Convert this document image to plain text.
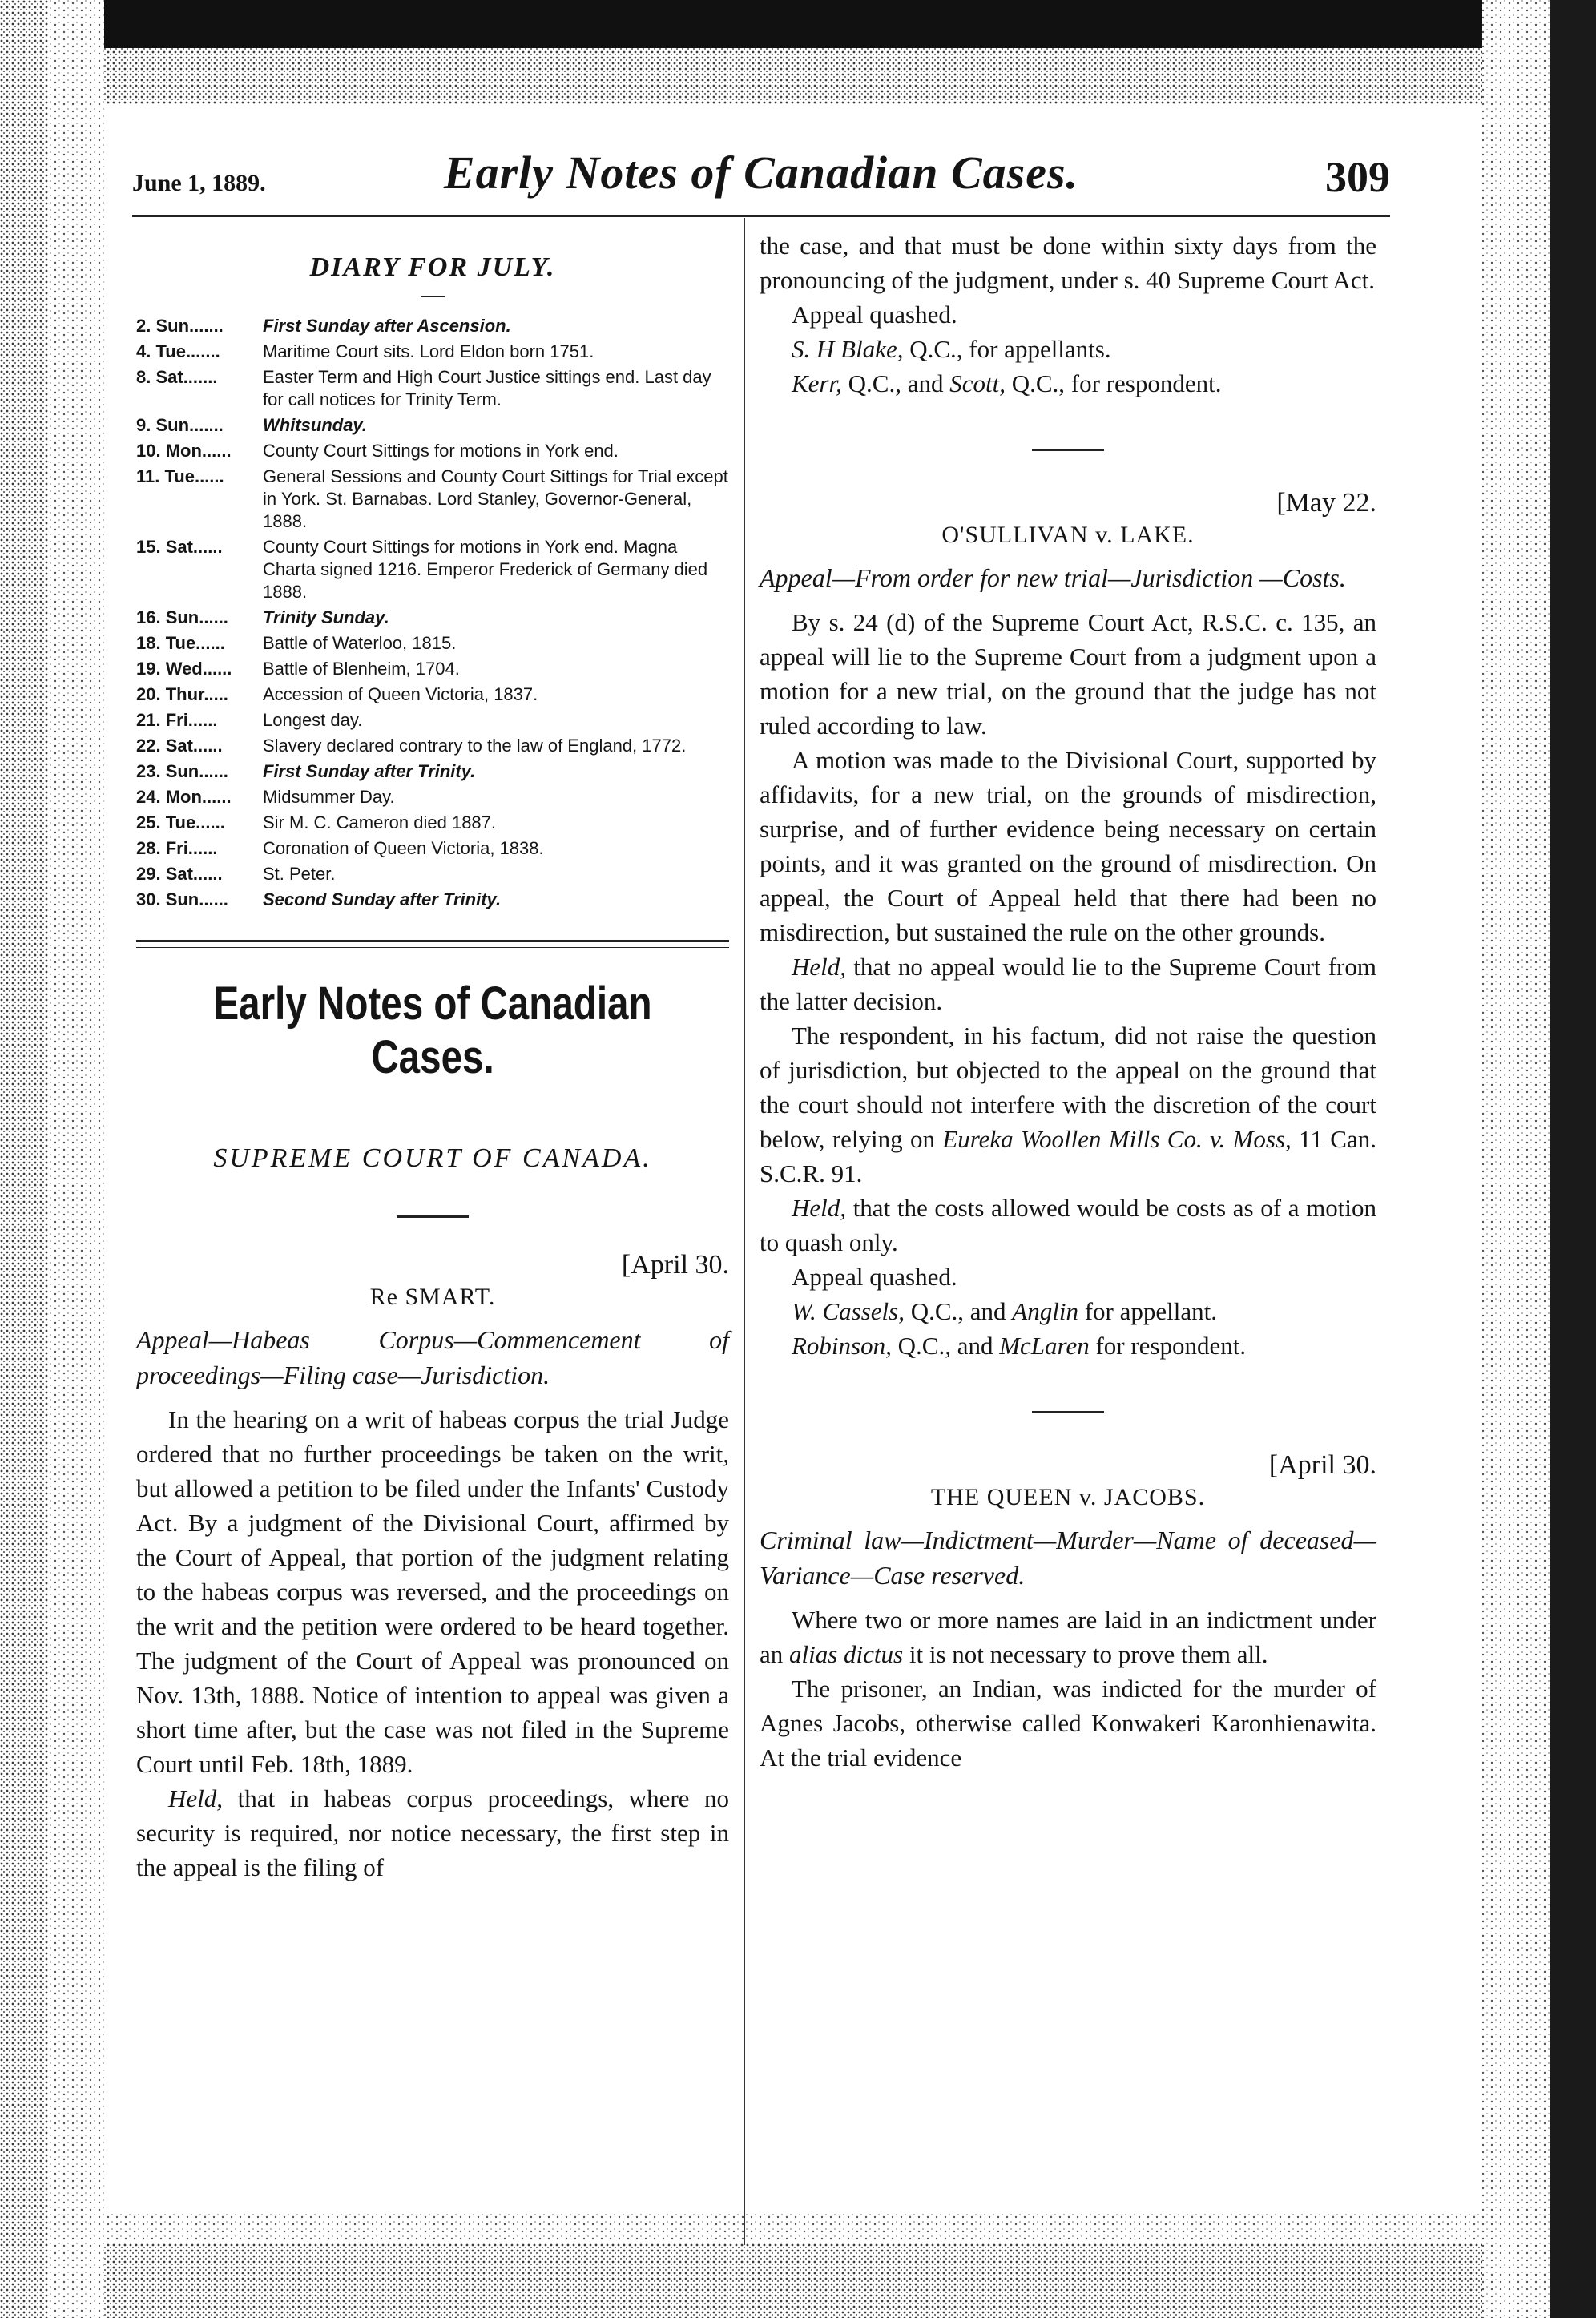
June 1, 1889.	Early Notes of Canadian Cases.	309
DIARY FOR JULY.
2. Sun.......	First Sunday after Ascension.
4. Tue.......	Maritime Court sits. Lord Eldon born 1751.
8. Sat.......	Easter Term and High Court Justice sittings end. Last day for call notices for Trinity Term.
9. Sun.......	Whitsunday.
10. Mon......	County Court Sittings for motions in York end.
11. Tue......	General Sessions and County Court Sittings for Trial except in York. St. Barnabas. Lord Stanley, Governor-General, 1888.
15. Sat......	County Court Sittings for motions in York end. Magna Charta signed 1216. Emperor Frederick of Germany died 1888.
16. Sun......	Trinity Sunday.
18. Tue......	Battle of Waterloo, 1815.
19. Wed......	Battle of Blenheim, 1704.
20. Thur.....	Accession of Queen Victoria, 1837.
21. Fri......	Longest day.
22. Sat......	Slavery declared contrary to the law of England, 1772.
23. Sun......	First Sunday after Trinity.
24. Mon......	Midsummer Day.
25. Tue......	Sir M. C. Cameron died 1887.
28. Fri......	Coronation of Queen Victoria, 1838.
29. Sat......	St. Peter.
30. Sun......	Second Sunday after Trinity.
Early Notes of Canadian Cases.
SUPREME COURT OF CANADA.
[April 30.
Re SMART.
Appeal—Habeas Corpus—Commencement of proceedings—Filing case—Jurisdiction.

In the hearing on a writ of habeas corpus the trial Judge ordered that no further proceedings be taken on the writ, but allowed a petition to be filed under the Infants' Custody Act. By a judgment of the Divisional Court, affirmed by the Court of Appeal, that portion of the judgment relating to the habeas corpus was reversed, and the proceedings on the writ and the petition were ordered to be heard together. The judgment of the Court of Appeal was pronounced on Nov. 13th, 1888. Notice of intention to appeal was given a short time after, but the case was not filed in the Supreme Court until Feb. 18th, 1889.

Held, that in habeas corpus proceedings, where no security is required, nor notice necessary, the first step in the appeal is the filing of

the case, and that must be done within sixty days from the pronouncing of the judgment, under s. 40 Supreme Court Act.

Appeal quashed.

S. H Blake, Q.C., for appellants.

Kerr, Q.C., and Scott, Q.C., for respondent.

[May 22.
O'SULLIVAN v. LAKE.
Appeal—From order for new trial—Jurisdiction —Costs.

By s. 24 (d) of the Supreme Court Act, R.S.C. c. 135, an appeal will lie to the Supreme Court from a judgment upon a motion for a new trial, on the ground that the judge has not ruled according to law.

A motion was made to the Divisional Court, supported by affidavits, for a new trial, on the grounds of misdirection, surprise, and of further evidence being necessary on certain points, and it was granted on the ground of misdirection. On appeal, the Court of Appeal held that there had been no misdirection, but sustained the rule on the other grounds.

Held, that no appeal would lie to the Supreme Court from the latter decision.

The respondent, in his factum, did not raise the question of jurisdiction, but objected to the appeal on the ground that the court should not interfere with the discretion of the court below, relying on Eureka Woollen Mills Co. v. Moss, 11 Can. S.C.R. 91.

Held, that the costs allowed would be costs as of a motion to quash only.

Appeal quashed.

W. Cassels, Q.C., and Anglin for appellant.

Robinson, Q.C., and McLaren for respondent.

[April 30.
THE QUEEN v. JACOBS.
Criminal law—Indictment—Murder—Name of deceased—Variance—Case reserved.

Where two or more names are laid in an indictment under an alias dictus it is not necessary to prove them all.

The prisoner, an Indian, was indicted for the murder of Agnes Jacobs, otherwise called Konwakeri Karonhienawita. At the trial evidence
